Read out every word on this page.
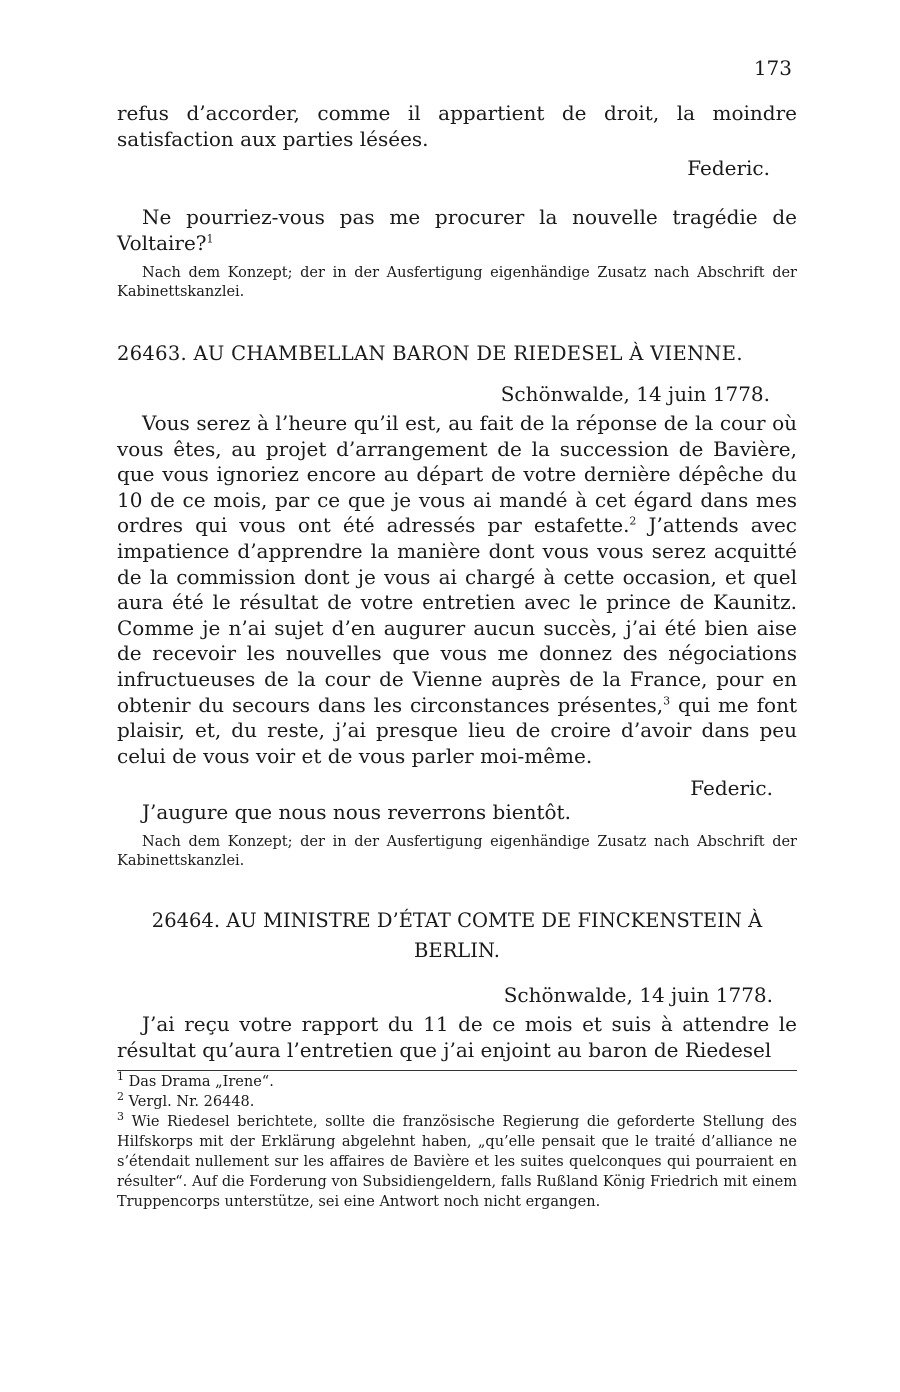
173

refus d’accorder, comme il appartient de droit, la moindre satisfaction aux parties lésées.

Federic.

Ne pourriez-vous pas me procurer la nouvelle tragédie de Voltaire?$^1$

Nach dem Konzept; der in der Ausfertigung eigenhändige Zusatz nach Abschrift der Kabinettskanzlei.

26463. AU CHAMBELLAN BARON DE RIEDESEL À VIENNE.
Schönwalde, 14 juin 1778.

Vous serez à l’heure qu’il est, au fait de la réponse de la cour où vous êtes, au projet d’arrangement de la succession de Bavière, que vous ignoriez encore au départ de votre dernière dépêche du 10 de ce mois, par ce que je vous ai mandé à cet égard dans mes ordres qui vous ont été adressés par estafette.$^2$ J’attends avec impatience d’apprendre la manière dont vous vous serez acquitté de la commission dont je vous ai chargé à cette occasion, et quel aura été le résultat de votre entretien avec le prince de Kaunitz. Comme je n’ai sujet d’en augurer aucun succès, j’ai été bien aise de recevoir les nouvelles que vous me donnez des négociations infructueuses de la cour de Vienne auprès de la France, pour en obtenir du secours dans les circonstances présentes,$^3$ qui me font plaisir, et, du reste, j’ai presque lieu de croire d’avoir dans peu celui de vous voir et de vous parler moi-même.

Federic.

J’augure que nous nous reverrons bientôt.

Nach dem Konzept; der in der Ausfertigung eigenhändige Zusatz nach Abschrift der Kabinettskanzlei.

26464. AU MINISTRE D’ÉTAT COMTE DE FINCKENSTEIN À

BERLIN.

Schönwalde, 14 juin 1778.

J’ai reçu votre rapport du 11 de ce mois et suis à attendre le résultat qu’aura l’entretien que j’ai enjoint au baron de Riedesel

$^1$ Das Drama „Irene“.

$^2$ Vergl. Nr. 26448.

$^3$ Wie Riedesel berichtete, sollte die französische Regierung die geforderte Stellung des Hilfskorps mit der Erklärung abgelehnt haben, „qu’elle pensait que le traité d’alliance ne s’étendait nullement sur les affaires de Bavière et les suites quelconques qui pourraient en résulter“. Auf die Forderung von Subsidiengeldern, falls Rußland König Friedrich mit einem Truppencorps unterstütze, sei eine Antwort noch nicht ergangen.
